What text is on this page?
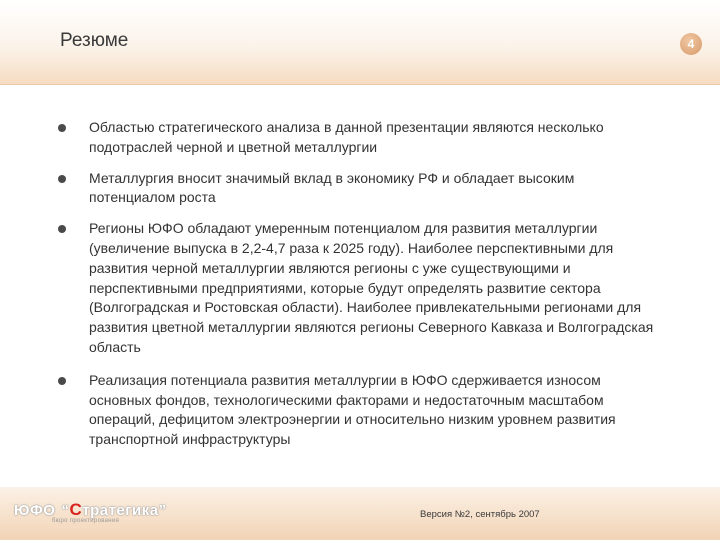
Резюме	4
Областью стратегического анализа в данной презентации являются несколько подотраслей черной и цветной металлургии
Металлургия вносит значимый вклад в экономику РФ и обладает высоким потенциалом роста
Регионы ЮФО обладают умеренным потенциалом для развития металлургии (увеличение выпуска в 2,2-4,7 раза к 2025 году). Наиболее перспективными для развития черной металлургии являются регионы с уже существующими и перспективными предприятиями, которые будут определять развитие сектора (Волгоградская и Ростовская области). Наиболее привлекательными регионами для развития цветной металлургии являются регионы Северного Кавказа и Волгоградская область
Реализация потенциала развития металлургии в ЮФО сдерживается износом основных фондов, технологическими факторами и недостаточным масштабом операций, дефицитом электроэнергии и относительно низким уровнем развития транспортной инфраструктуры
ЮФО “ С тратегика ”
бюро проектирования
Версия №2, сентябрь 2007
